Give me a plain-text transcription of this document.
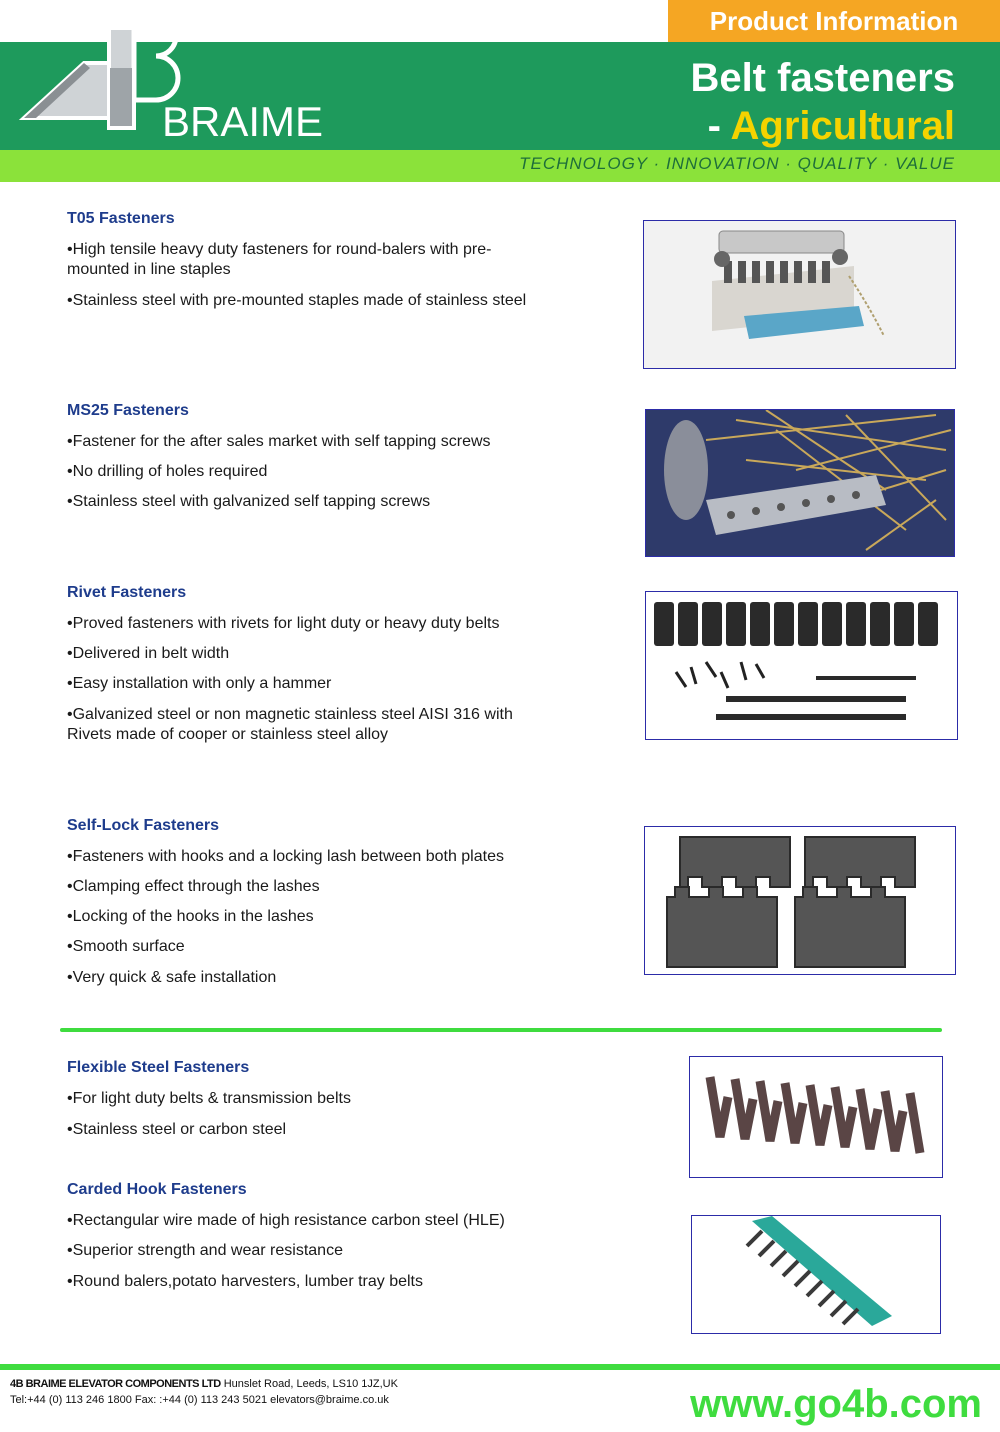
Product Information
BRAIME
Belt fasteners
- Agricultural
TECHNOLOGY · INNOVATION · QUALITY · VALUE
T05 Fasteners
•High tensile heavy duty fasteners for round-balers with pre-mounted in line staples
•Stainless steel with pre-mounted staples made of stainless steel
MS25 Fasteners
•Fastener for the after sales market with self tapping screws
•No drilling of holes required
•Stainless steel with galvanized self tapping screws
Rivet Fasteners
•Proved fasteners with rivets for light duty or heavy duty belts
•Delivered in belt width
•Easy installation with only a hammer
•Galvanized steel or non magnetic stainless steel AISI 316 with Rivets made of cooper or stainless steel alloy
Self-Lock Fasteners
•Fasteners with hooks and a locking lash between both plates
•Clamping effect through the lashes
•Locking of the hooks in the lashes
•Smooth surface
•Very quick & safe installation
Flexible Steel Fasteners
•For light duty belts & transmission belts
•Stainless steel or carbon steel
Carded Hook Fasteners
•Rectangular wire made of high resistance carbon steel (HLE)
•Superior strength and wear resistance
•Round balers,potato harvesters, lumber tray belts
4B BRAIME ELEVATOR COMPONENTS LTD Hunslet Road, Leeds, LS10 1JZ,UK
Tel:+44 (0) 113 246 1800 Fax: :+44 (0) 113 243 5021 elevators@braime.co.uk	www.go4b.com
